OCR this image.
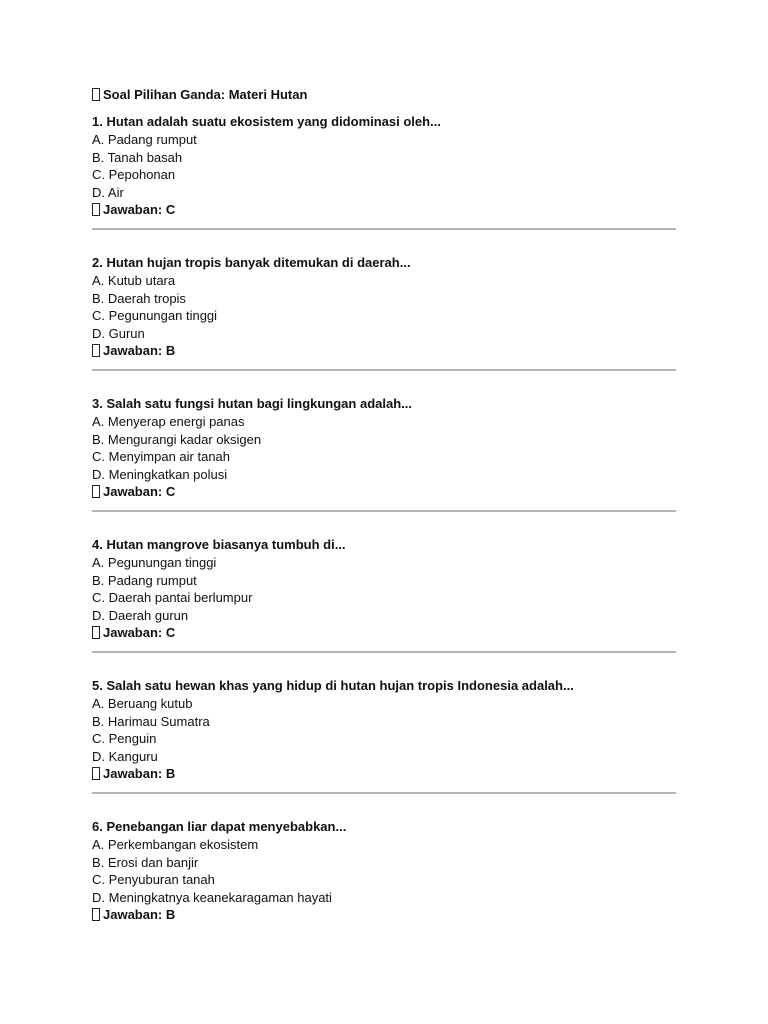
Soal Pilihan Ganda: Materi Hutan
1. Hutan adalah suatu ekosistem yang didominasi oleh...
A. Padang rumput
B. Tanah basah
C. Pepohonan
D. Air
Jawaban: C
2. Hutan hujan tropis banyak ditemukan di daerah...
A. Kutub utara
B. Daerah tropis
C. Pegunungan tinggi
D. Gurun
Jawaban: B
3. Salah satu fungsi hutan bagi lingkungan adalah...
A. Menyerap energi panas
B. Mengurangi kadar oksigen
C. Menyimpan air tanah
D. Meningkatkan polusi
Jawaban: C
4. Hutan mangrove biasanya tumbuh di...
A. Pegunungan tinggi
B. Padang rumput
C. Daerah pantai berlumpur
D. Daerah gurun
Jawaban: C
5. Salah satu hewan khas yang hidup di hutan hujan tropis Indonesia adalah...
A. Beruang kutub
B. Harimau Sumatra
C. Penguin
D. Kanguru
Jawaban: B
6. Penebangan liar dapat menyebabkan...
A. Perkembangan ekosistem
B. Erosi dan banjir
C. Penyuburan tanah
D. Meningkatnya keanekaragaman hayati
Jawaban: B
